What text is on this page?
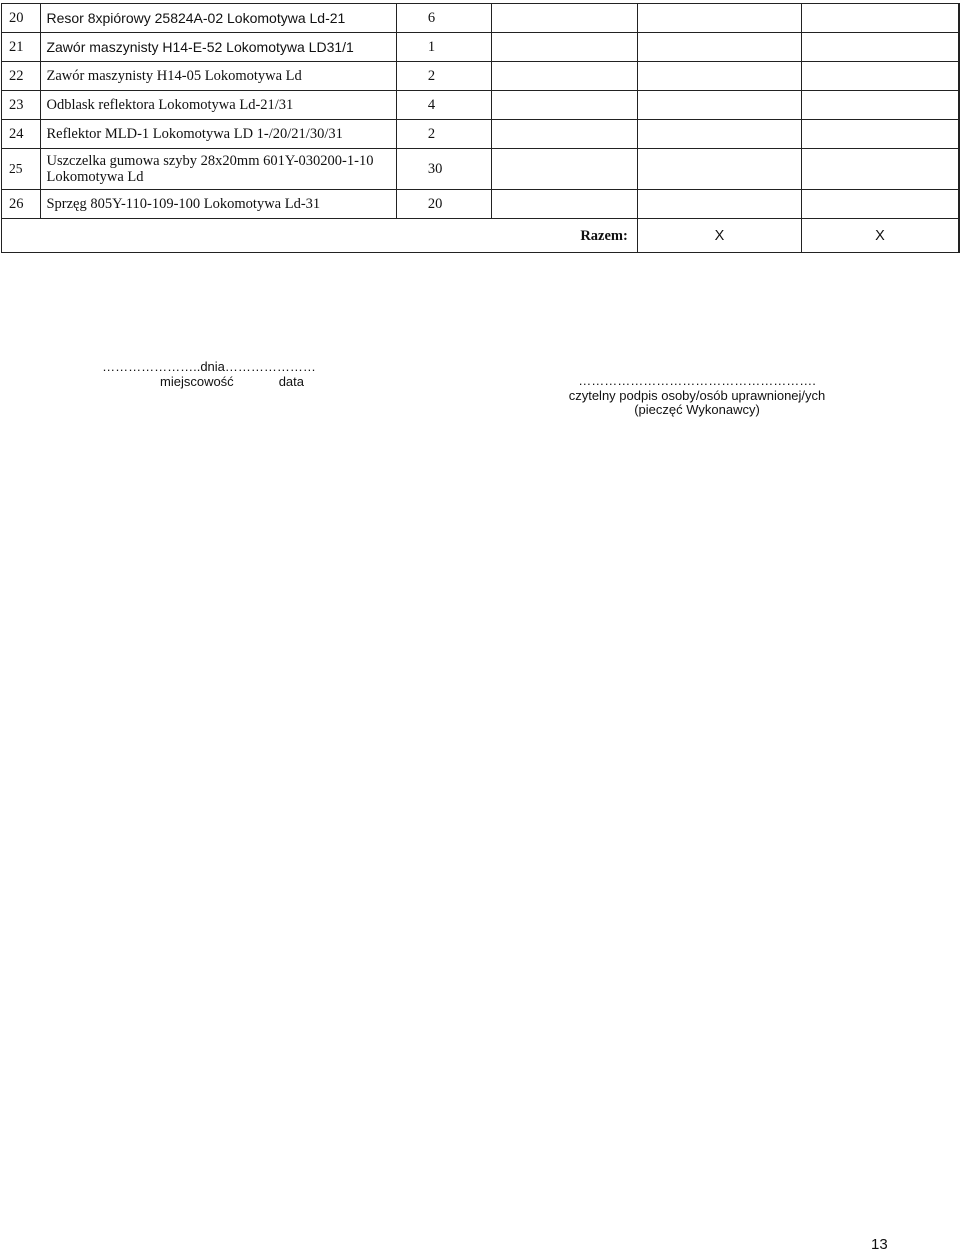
20	Resor 8xpiórowy 25824A-02 Lokomotywa Ld-21	6				
21	Zawór maszynisty H14-E-52 Lokomotywa LD31/1	1				
22	Zawór maszynisty H14-05 Lokomotywa Ld	2				
23	Odblask reflektora Lokomotywa Ld-21/31	4				
24	Reflektor MLD-1 Lokomotywa LD 1-/20/21/30/31	2				
25	Uszczelka gumowa szyby 28x20mm 601Y-030200-1-10 Lokomotywa Ld	30				
26	Sprzęg 805Y-110-109-100 Lokomotywa Ld-31	20				
Razem:				X	X	
…………………..dnia…………………
miejscowość	data	……………………………………………….
czytelny podpis osoby/osób uprawnionej/ych
(pieczęć Wykonawcy)
13
